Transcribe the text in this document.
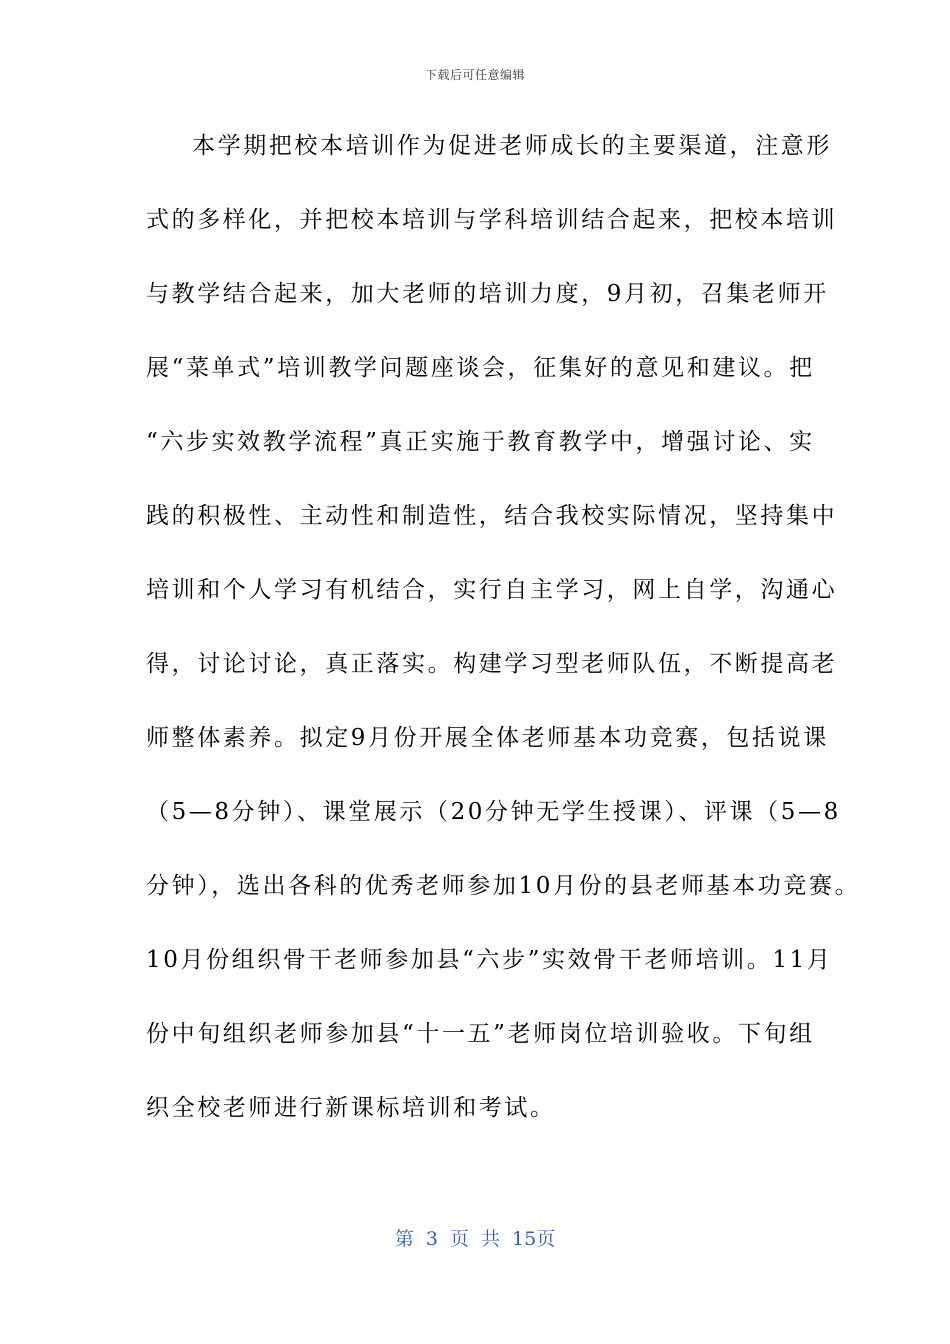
下载后可任意编辑
本学期把校本培训作为促进老师成长的主要渠道，注意形
式的多样化，并把校本培训与学科培训结合起来，把校本培训
与教学结合起来，加大老师的培训力度，9月初，召集老师开
展“菜单式”培训教学问题座谈会，征集好的意见和建议。把
“六步实效教学流程”真正实施于教育教学中，增强讨论、实
践的积极性、主动性和制造性，结合我校实际情况，坚持集中
培训和个人学习有机结合，实行自主学习，网上自学，沟通心
得，讨论讨论，真正落实。构建学习型老师队伍，不断提高老
师整体素养。拟定9月份开展全体老师基本功竞赛，包括说课
（5—8分钟）、课堂展示（20分钟无学生授课）、评课（5—8
分钟），选出各科的优秀老师参加10月份的县老师基本功竞赛。
10月份组织骨干老师参加县“六步”实效骨干老师培训。11月
份中旬组织老师参加县“十一五”老师岗位培训验收。下旬组
织全校老师进行新课标培训和考试。
第 3 页 共 15页
